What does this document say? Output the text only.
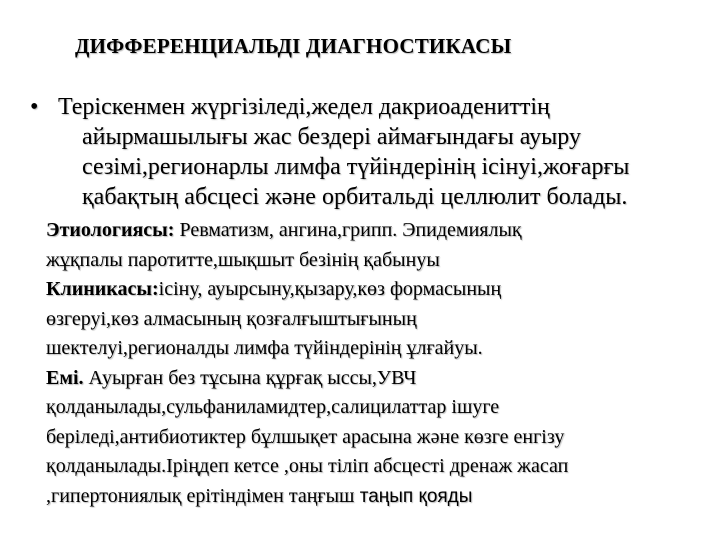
ДИФФЕРЕНЦИАЛЬДІ ДИАГНОСТИКАСЫ
• Теріскенмен жүргізіледі,жедел дакриоадениттің
айырмашылығы жас бездері аймағындағы ауыру
сезімі,регионарлы лимфа түйіндерінің ісінуі,жоғарғы
қабақтың абсцесі және орбитальді целлюлит болады.
Этиологиясы: Ревматизм, ангина,грипп. Эпидемиялық
жұқпалы паротитте,шықшыт безінің қабынуы
Клиникасы:ісіну, ауырсыну,қызару,көз формасының
өзгеруі,көз алмасының қозғалғыштығының
шектелуі,регионалды лимфа түйіндерінің ұлғайуы.
Емі. Ауырған без тұсына құрғақ ыссы,УВЧ
қолданылады,сульфаниламидтер,салицилаттар ішуге
беріледі,антибиотиктер бұлшықет арасына және көзге енгізу
қолданылады.Іріңдеп кетсе ,оны тіліп абсцесті дренаж жасап
,гипертониялық ерітіндімен таңғыш таңып қояды
